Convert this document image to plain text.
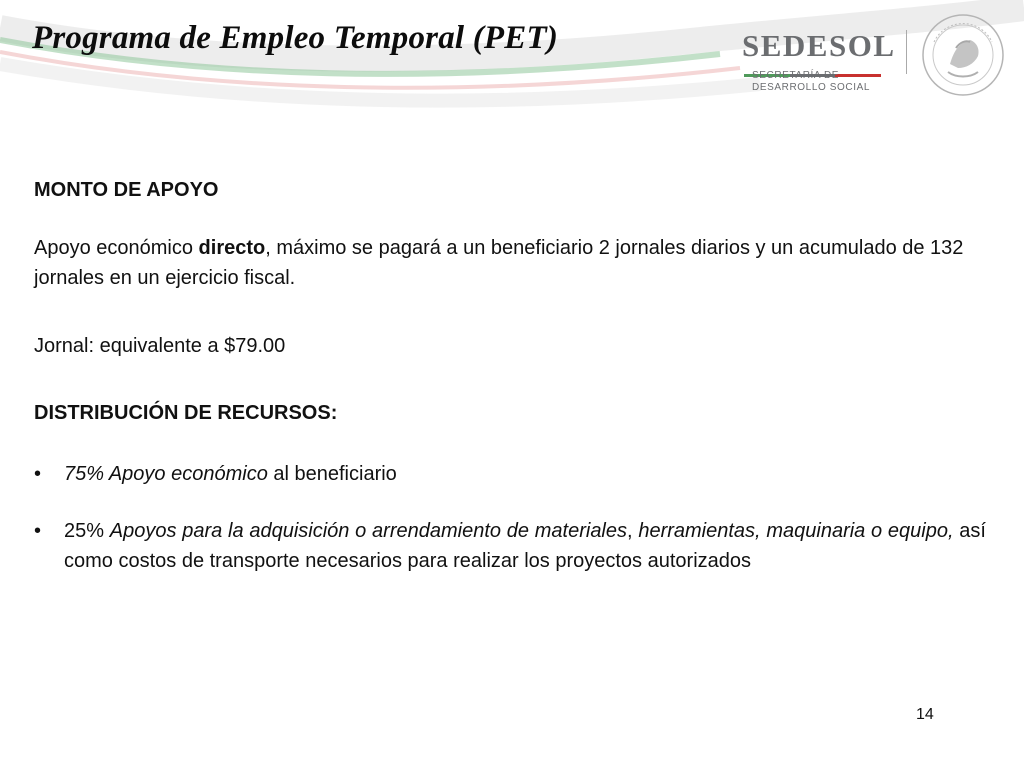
Programa de Empleo Temporal (PET)	SEDESOL
SECRETARÍA DE
DESARROLLO SOCIAL

MONTO DE APOYO

Apoyo económico directo, máximo se pagará a un beneficiario 2 jornales diarios y un acumulado de 132 jornales en un ejercicio fiscal.

Jornal: equivalente a $79.00

DISTRIBUCIÓN DE RECURSOS:

• 75% Apoyo económico al beneficiario
• 25% Apoyos para la adquisición o arrendamiento de materiales, herramientas, maquinaria o equipo, así como costos de transporte necesarios para realizar los proyectos autorizados
14
